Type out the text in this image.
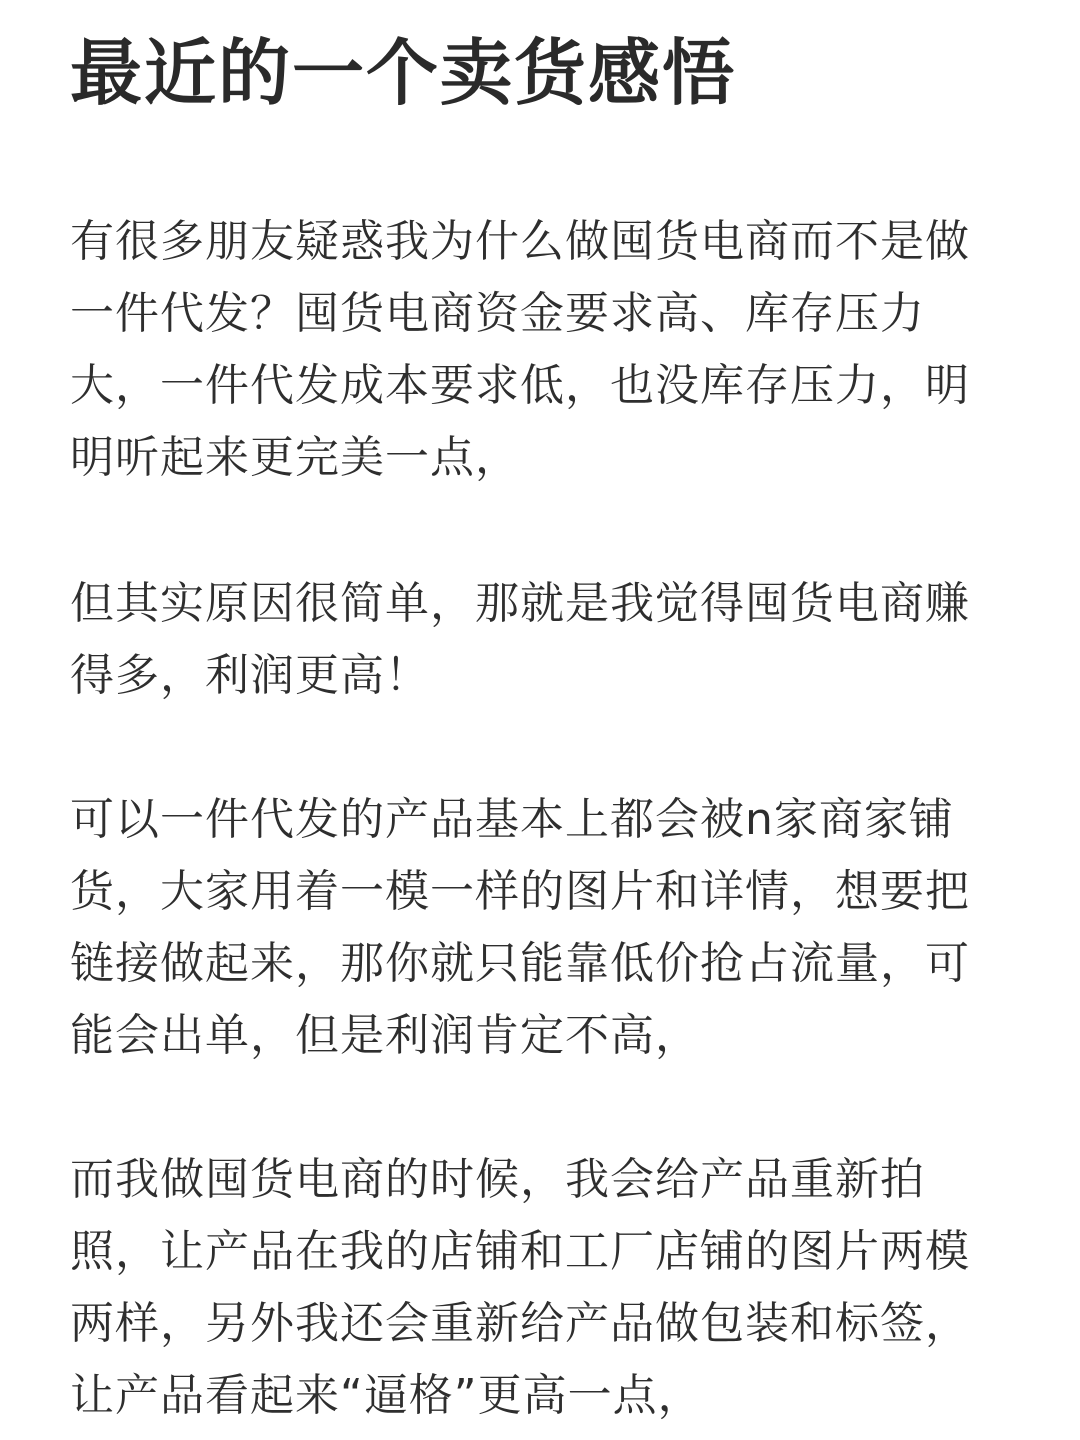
最近的一个卖货感悟
有很多朋友疑惑我为什么做囤货电商而不是做
一件代发？囤货电商资金要求高、库存压力
大，一件代发成本要求低，也没库存压力，明
明听起来更完美一点，
但其实原因很简单，那就是我觉得囤货电商赚
得多，利润更高！
可以一件代发的产品基本上都会被n家商家铺
货，大家用着一模一样的图片和详情，想要把
链接做起来，那你就只能靠低价抢占流量，可
能会出单，但是利润肯定不高，
而我做囤货电商的时候，我会给产品重新拍
照，让产品在我的店铺和工厂店铺的图片两模
两样，另外我还会重新给产品做包装和标签，
让产品看起来“逼格”更高一点，
